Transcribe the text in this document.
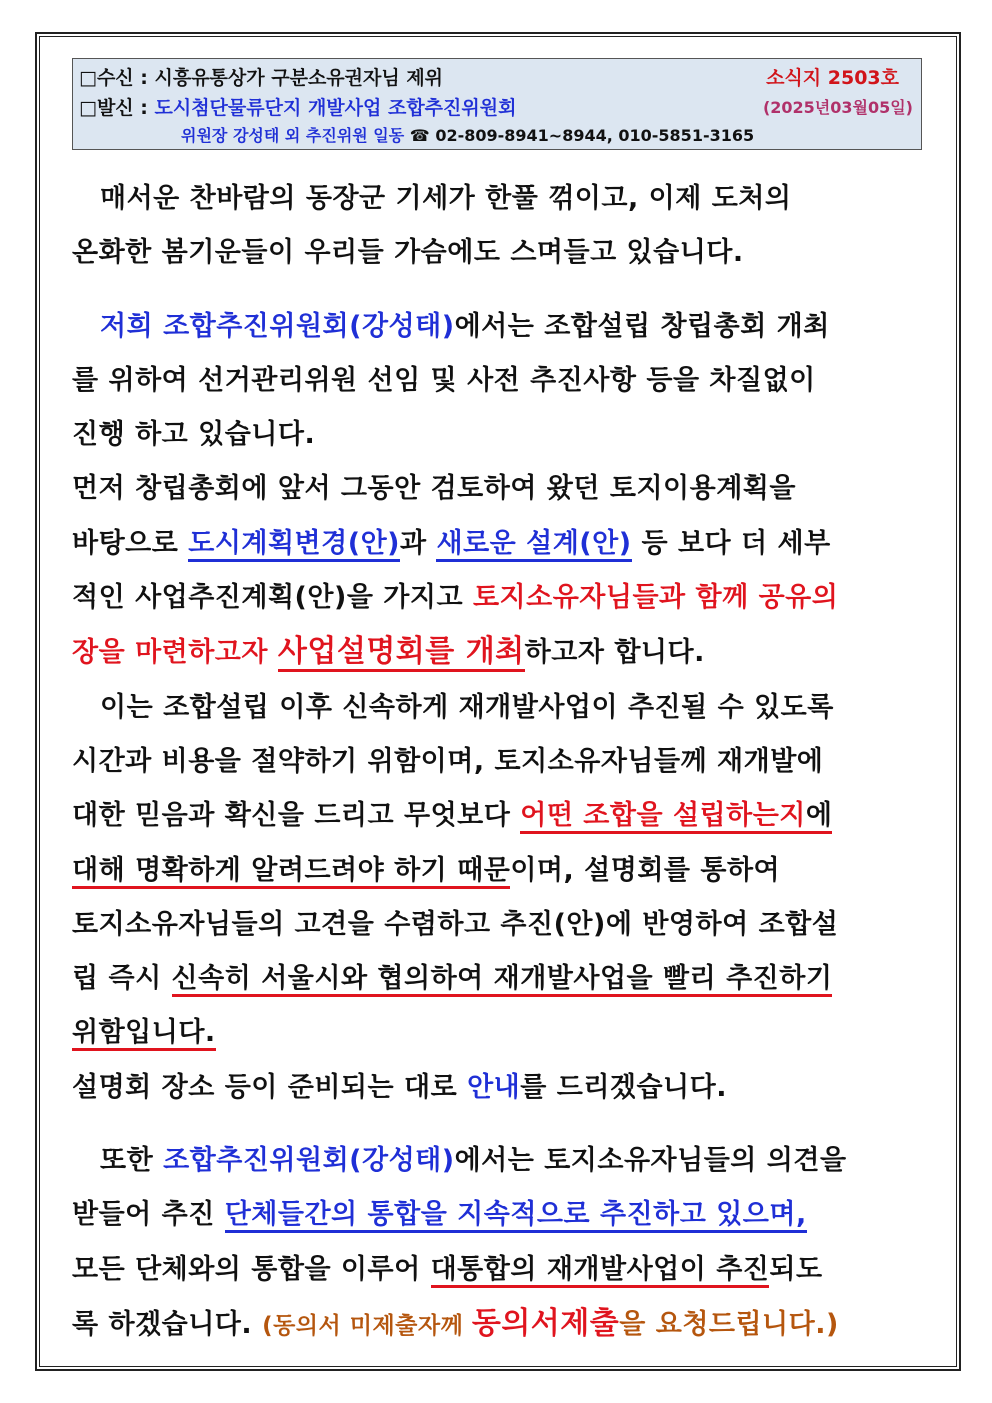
□수신 : 시흥유통상가 구분소유권자님 제위	소식지 2503호
□발신 : 도시첨단물류단지 개발사업 조합추진위원회	(2025년03월05일)
위원장 강성태 외 추진위원 일동 ☎ 02-809-8941~8944, 010-5851-3165

매서운 찬바람의 동장군 기세가 한풀 꺾이고, 이제 도처의
온화한 봄기운들이 우리들 가슴에도 스며들고 있습니다.

저희 조합추진위원회(강성태)에서는 조합설립 창립총회 개최
를 위하여 선거관리위원 선임 및 사전 추진사항 등을 차질없이
진행 하고 있습니다.

먼저 창립총회에 앞서 그동안 검토하여 왔던 토지이용계획을
바탕으로 도시계획변경(안)과 새로운 설계(안) 등 보다 더 세부
적인 사업추진계획(안)을 가지고 토지소유자님들과 함께 공유의
장을 마련하고자 사업설명회를 개최하고자 합니다.

이는 조합설립 이후 신속하게 재개발사업이 추진될 수 있도록
시간과 비용을 절약하기 위함이며, 토지소유자님들께 재개발에
대한 믿음과 확신을 드리고 무엇보다 어떤 조합을 설립하는지에
대해 명확하게 알려드려야 하기 때문이며, 설명회를 통하여
토지소유자님들의 고견을 수렴하고 추진(안)에 반영하여 조합설
립 즉시 신속히 서울시와 협의하여 재개발사업을 빨리 추진하기
위함입니다.

설명회 장소 등이 준비되는 대로 안내를 드리겠습니다.

또한 조합추진위원회(강성태)에서는 토지소유자님들의 의견을
받들어 추진 단체들간의 통합을 지속적으로 추진하고 있으며,
모든 단체와의 통합을 이루어 대통합의 재개발사업이 추진되도
록 하겠습니다. (동의서 미제출자께 동의서제출을 요청드립니다.)
